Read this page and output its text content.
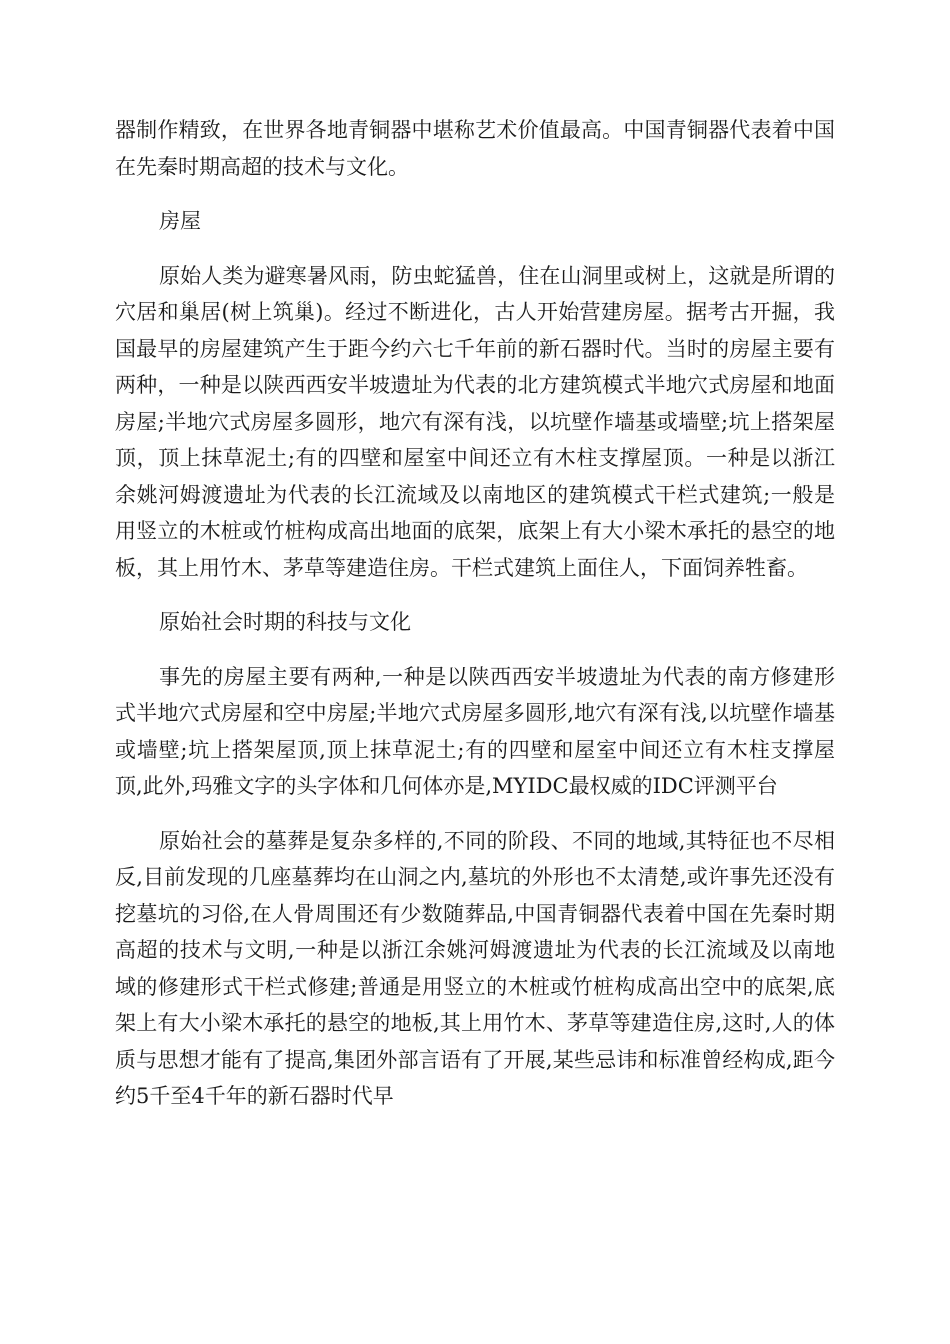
器制作精致，在世界各地青铜器中堪称艺术价值最高。中国青铜器代表着中国在先秦时期高超的技术与文化。

房屋

原始人类为避寒暑风雨，防虫蛇猛兽，住在山洞里或树上，这就是所谓的穴居和巢居(树上筑巢)。经过不断进化，古人开始营建房屋。据考古开掘，我国最早的房屋建筑产生于距今约六七千年前的新石器时代。当时的房屋主要有两种，一种是以陕西西安半坡遗址为代表的北方建筑模式半地穴式房屋和地面房屋;半地穴式房屋多圆形，地穴有深有浅，以坑壁作墙基或墙壁;坑上搭架屋顶，顶上抹草泥土;有的四壁和屋室中间还立有木柱支撑屋顶。一种是以浙江余姚河姆渡遗址为代表的长江流域及以南地区的建筑模式干栏式建筑;一般是用竖立的木桩或竹桩构成高出地面的底架，底架上有大小梁木承托的悬空的地板，其上用竹木、茅草等建造住房。干栏式建筑上面住人，下面饲养牲畜。

原始社会时期的科技与文化

事先的房屋主要有两种,一种是以陕西西安半坡遗址为代表的南方修建形式半地穴式房屋和空中房屋;半地穴式房屋多圆形,地穴有深有浅,以坑壁作墙基或墙壁;坑上搭架屋顶,顶上抹草泥土;有的四壁和屋室中间还立有木柱支撑屋顶,此外,玛雅文字的头字体和几何体亦是,MYIDC最权威的IDC评测平台

原始社会的墓葬是复杂多样的,不同的阶段、不同的地域,其特征也不尽相反,目前发现的几座墓葬均在山洞之内,墓坑的外形也不太清楚,或许事先还没有挖墓坑的习俗,在人骨周围还有少数随葬品,中国青铜器代表着中国在先秦时期高超的技术与文明,一种是以浙江余姚河姆渡遗址为代表的长江流域及以南地域的修建形式干栏式修建;普通是用竖立的木桩或竹桩构成高出空中的底架,底架上有大小梁木承托的悬空的地板,其上用竹木、茅草等建造住房,这时,人的体质与思想才能有了提高,集团外部言语有了开展,某些忌讳和标准曾经构成,距今约5千至4千年的新石器时代早
